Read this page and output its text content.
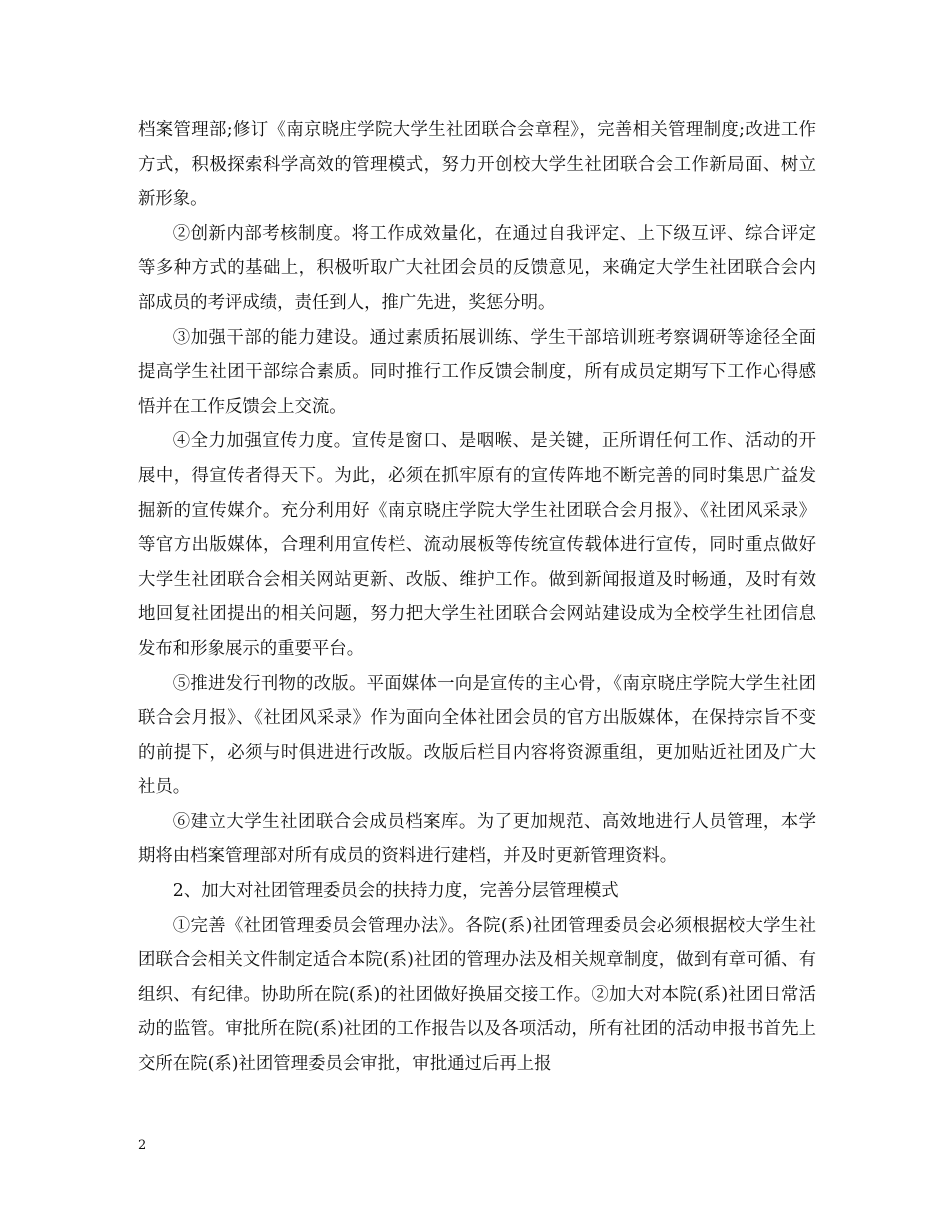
档案管理部;修订《南京晓庄学院大学生社团联合会章程》，完善相关管理制度;改进工作方式，积极探索科学高效的管理模式，努力开创校大学生社团联合会工作新局面、树立新形象。

②创新内部考核制度。将工作成效量化，在通过自我评定、上下级互评、综合评定等多种方式的基础上，积极听取广大社团会员的反馈意见，来确定大学生社团联合会内部成员的考评成绩，责任到人，推广先进，奖惩分明。

③加强干部的能力建设。通过素质拓展训练、学生干部培训班考察调研等途径全面提高学生社团干部综合素质。同时推行工作反馈会制度，所有成员定期写下工作心得感悟并在工作反馈会上交流。

④全力加强宣传力度。宣传是窗口、是咽喉、是关键，正所谓任何工作、活动的开展中，得宣传者得天下。为此，必须在抓牢原有的宣传阵地不断完善的同时集思广益发掘新的宣传媒介。充分利用好《南京晓庄学院大学生社团联合会月报》、《社团风采录》等官方出版媒体，合理利用宣传栏、流动展板等传统宣传载体进行宣传，同时重点做好大学生社团联合会相关网站更新、改版、维护工作。做到新闻报道及时畅通，及时有效地回复社团提出的相关问题，努力把大学生社团联合会网站建设成为全校学生社团信息发布和形象展示的重要平台。

⑤推进发行刊物的改版。平面媒体一向是宣传的主心骨，《南京晓庄学院大学生社团联合会月报》、《社团风采录》作为面向全体社团会员的官方出版媒体，在保持宗旨不变的前提下，必须与时俱进进行改版。改版后栏目内容将资源重组，更加贴近社团及广大社员。

⑥建立大学生社团联合会成员档案库。为了更加规范、高效地进行人员管理，本学期将由档案管理部对所有成员的资料进行建档，并及时更新管理资料。

2、加大对社团管理委员会的扶持力度，完善分层管理模式

①完善《社团管理委员会管理办法》。各院(系)社团管理委员会必须根据校大学生社团联合会相关文件制定适合本院(系)社团的管理办法及相关规章制度，做到有章可循、有组织、有纪律。协助所在院(系)的社团做好换届交接工作。②加大对本院(系)社团日常活动的监管。审批所在院(系)社团的工作报告以及各项活动，所有社团的活动申报书首先上交所在院(系)社团管理委员会审批，审批通过后再上报

2
